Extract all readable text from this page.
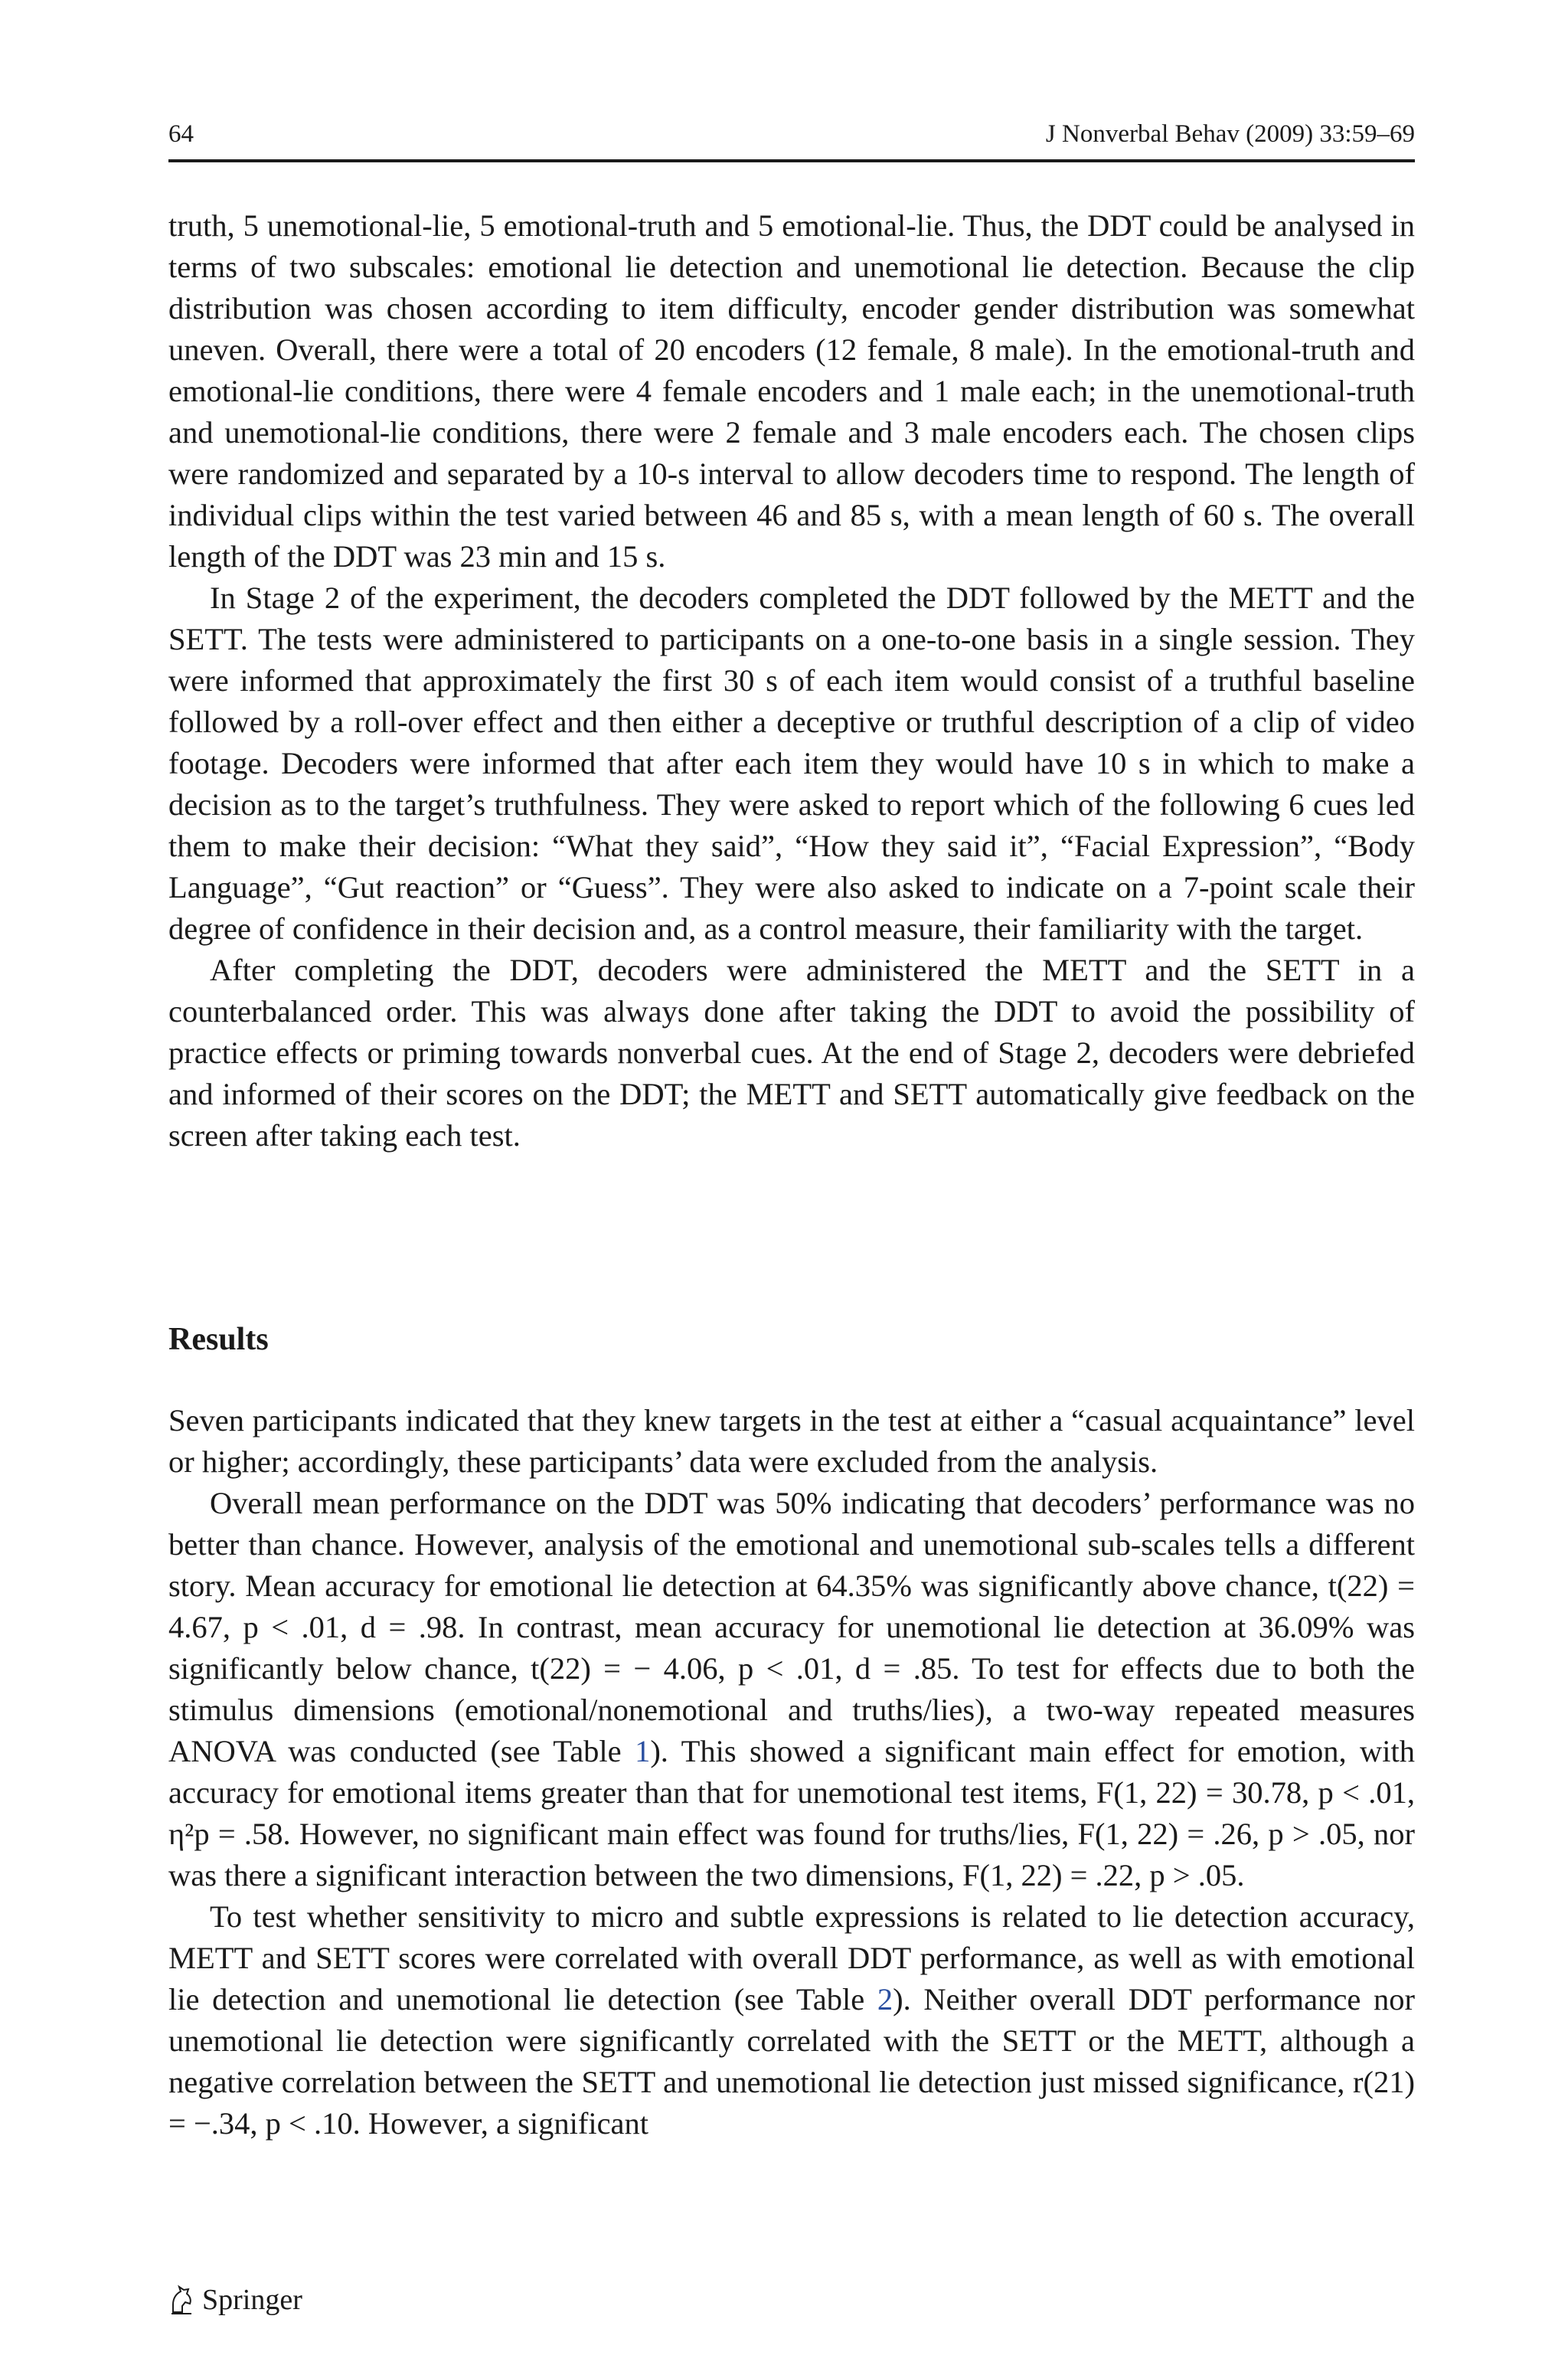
64	J Nonverbal Behav (2009) 33:59–69

truth, 5 unemotional-lie, 5 emotional-truth and 5 emotional-lie. Thus, the DDT could be analysed in terms of two subscales: emotional lie detection and unemotional lie detection. Because the clip distribution was chosen according to item difficulty, encoder gender distribution was somewhat uneven. Overall, there were a total of 20 encoders (12 female, 8 male). In the emotional-truth and emotional-lie conditions, there were 4 female encoders and 1 male each; in the unemotional-truth and unemotional-lie conditions, there were 2 female and 3 male encoders each. The chosen clips were randomized and separated by a 10-s interval to allow decoders time to respond. The length of individual clips within the test varied between 46 and 85 s, with a mean length of 60 s. The overall length of the DDT was 23 min and 15 s.

In Stage 2 of the experiment, the decoders completed the DDT followed by the METT and the SETT. The tests were administered to participants on a one-to-one basis in a single session. They were informed that approximately the first 30 s of each item would consist of a truthful baseline followed by a roll-over effect and then either a deceptive or truthful description of a clip of video footage. Decoders were informed that after each item they would have 10 s in which to make a decision as to the target’s truthfulness. They were asked to report which of the following 6 cues led them to make their decision: “What they said”, “How they said it”, “Facial Expression”, “Body Language”, “Gut reaction” or “Guess”. They were also asked to indicate on a 7-point scale their degree of confidence in their decision and, as a control measure, their familiarity with the target.

After completing the DDT, decoders were administered the METT and the SETT in a counterbalanced order. This was always done after taking the DDT to avoid the possibility of practice effects or priming towards nonverbal cues. At the end of Stage 2, decoders were debriefed and informed of their scores on the DDT; the METT and SETT automatically give feedback on the screen after taking each test.

Results

Seven participants indicated that they knew targets in the test at either a “casual acquaintance” level or higher; accordingly, these participants’ data were excluded from the analysis.

Overall mean performance on the DDT was 50% indicating that decoders’ performance was no better than chance. However, analysis of the emotional and unemotional sub-scales tells a different story. Mean accuracy for emotional lie detection at 64.35% was significantly above chance, t(22) = 4.67, p < .01, d = .98. In contrast, mean accuracy for unemotional lie detection at 36.09% was significantly below chance, t(22) = − 4.06, p < .01, d = .85. To test for effects due to both the stimulus dimensions (emotional/nonemotional and truths/lies), a two-way repeated measures ANOVA was conducted (see Table 1). This showed a significant main effect for emotion, with accuracy for emotional items greater than that for unemotional test items, F(1, 22) = 30.78, p < .01, η²p = .58. However, no significant main effect was found for truths/lies, F(1, 22) = .26, p > .05, nor was there a significant interaction between the two dimensions, F(1, 22) = .22, p > .05.

To test whether sensitivity to micro and subtle expressions is related to lie detection accuracy, METT and SETT scores were correlated with overall DDT performance, as well as with emotional lie detection and unemotional lie detection (see Table 2). Neither overall DDT performance nor unemotional lie detection were significantly correlated with the SETT or the METT, although a negative correlation between the SETT and unemotional lie detection just missed significance, r(21) = −.34, p < .10. However, a significant

Springer
